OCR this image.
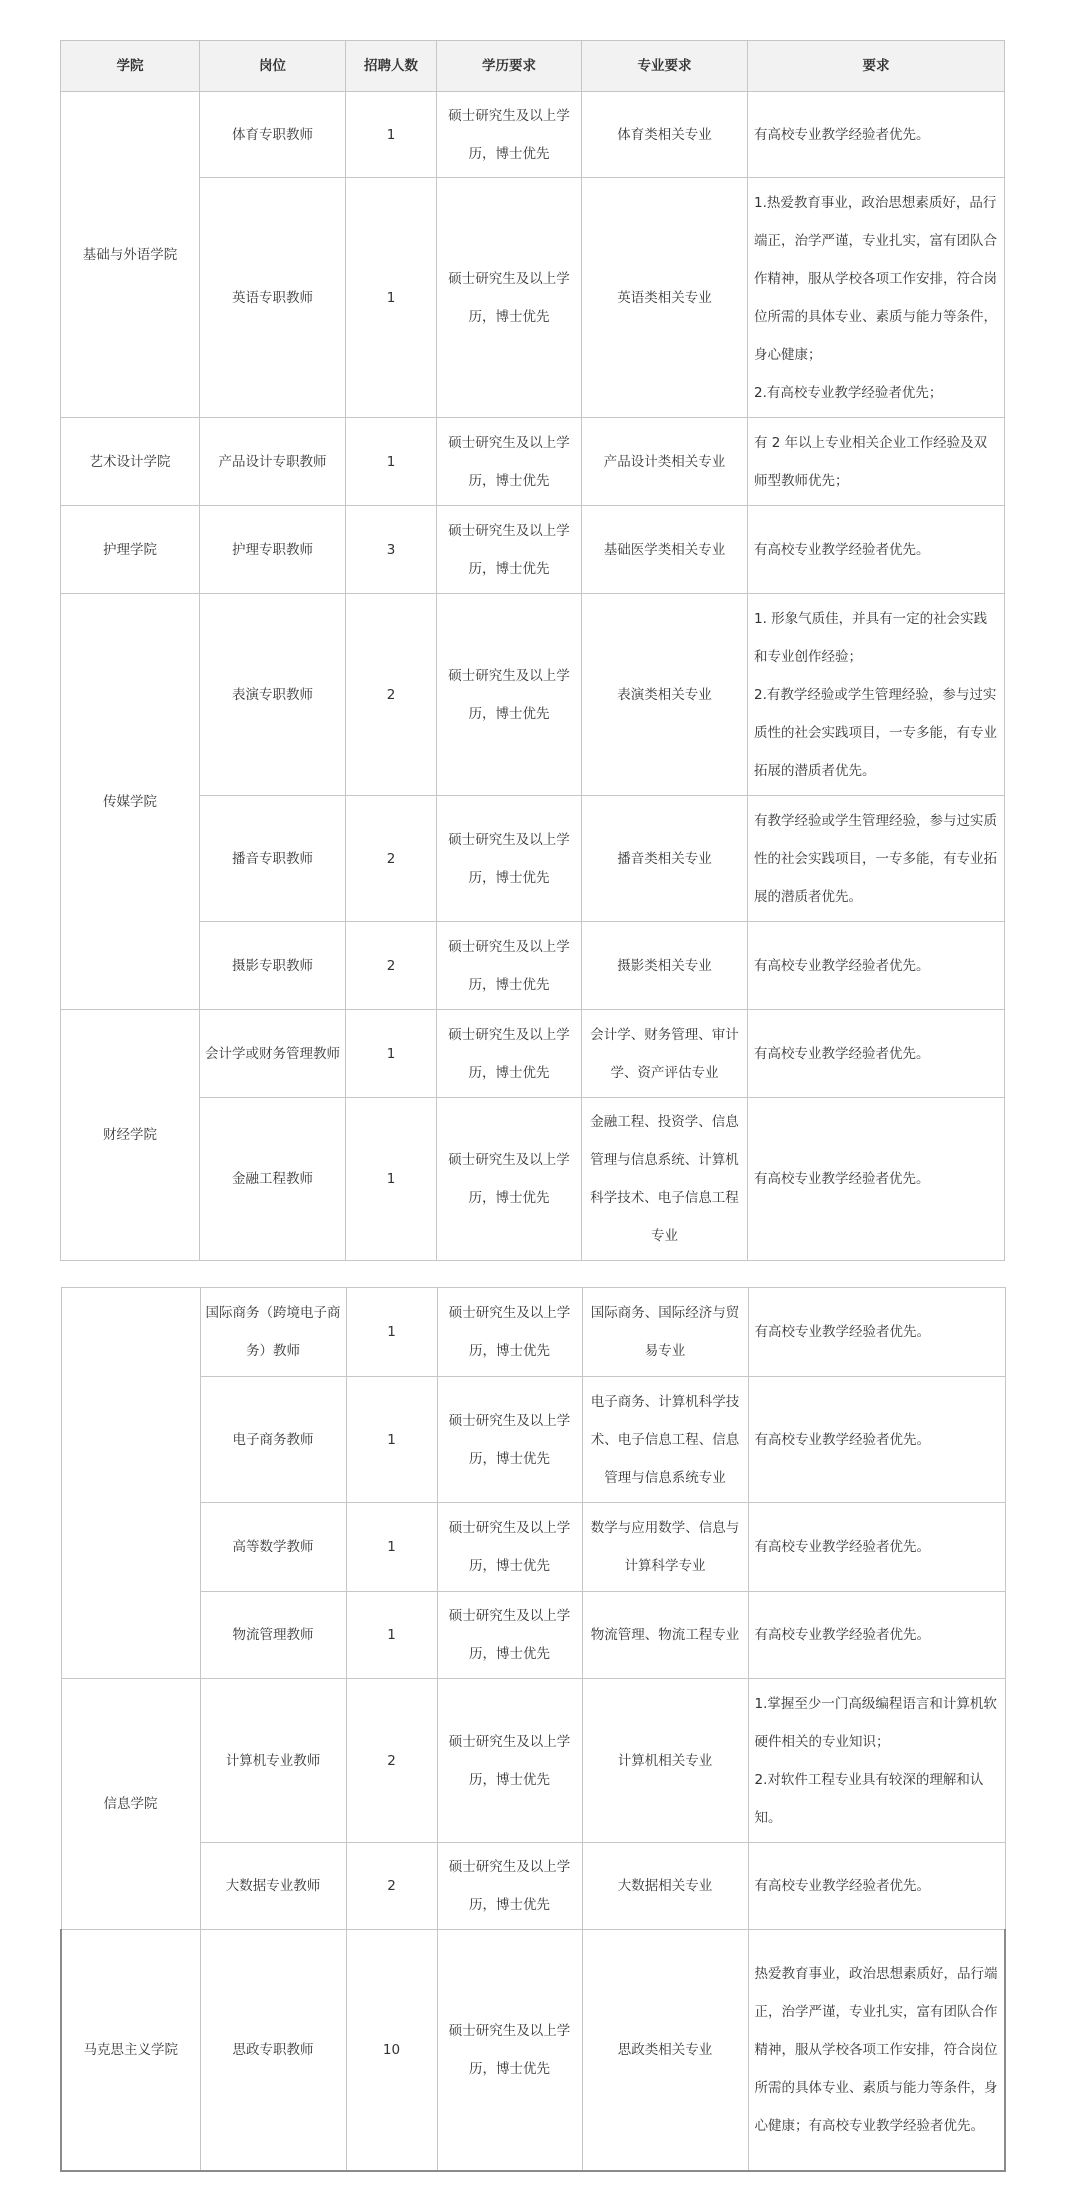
学院	岗位	招聘人数	学历要求	专业要求	要求
基础与外语学院	体育专职教师	1	硕士研究生及以上学历，博士优先	体育类相关专业	有高校专业教学经验者优先。
	英语专职教师	1	硕士研究生及以上学历，博士优先	英语类相关专业	1.热爱教育事业，政治思想素质好，品行端正，治学严谨，专业扎实，富有团队合作精神，服从学校各项工作安排，符合岗位所需的具体专业、素质与能力等条件，身心健康；
2.有高校专业教学经验者优先；
艺术设计学院	产品设计专职教师	1	硕士研究生及以上学历，博士优先	产品设计类相关专业	有 2 年以上专业相关企业工作经验及双师型教师优先；
护理学院	护理专职教师	3	硕士研究生及以上学历，博士优先	基础医学类相关专业	有高校专业教学经验者优先。
传媒学院	表演专职教师	2	硕士研究生及以上学历，博士优先	表演类相关专业	1. 形象气质佳，并具有一定的社会实践和专业创作经验；
2.有教学经验或学生管理经验，参与过实质性的社会实践项目，一专多能，有专业拓展的潜质者优先。
	播音专职教师	2	硕士研究生及以上学历，博士优先	播音类相关专业	有教学经验或学生管理经验，参与过实质性的社会实践项目，一专多能，有专业拓展的潜质者优先。
	摄影专职教师	2	硕士研究生及以上学历，博士优先	摄影类相关专业	有高校专业教学经验者优先。
财经学院	会计学或财务管理教师	1	硕士研究生及以上学历，博士优先	会计学、财务管理、审计学、资产评估专业	有高校专业教学经验者优先。
	金融工程教师	1	硕士研究生及以上学历，博士优先	金融工程、投资学、信息管理与信息系统、计算机科学技术、电子信息工程专业	有高校专业教学经验者优先。
	国际商务（跨境电子商务）教师	1	硕士研究生及以上学历，博士优先	国际商务、国际经济与贸易专业	有高校专业教学经验者优先。
	电子商务教师	1	硕士研究生及以上学历，博士优先	电子商务、计算机科学技术、电子信息工程、信息管理与信息系统专业	有高校专业教学经验者优先。
	高等数学教师	1	硕士研究生及以上学历，博士优先	数学与应用数学、信息与计算科学专业	有高校专业教学经验者优先。
	物流管理教师	1	硕士研究生及以上学历，博士优先	物流管理、物流工程专业	有高校专业教学经验者优先。
信息学院	计算机专业教师	2	硕士研究生及以上学历，博士优先	计算机相关专业	1.掌握至少一门高级编程语言和计算机软硬件相关的专业知识；
2.对软件工程专业具有较深的理解和认知。
	大数据专业教师	2	硕士研究生及以上学历，博士优先	大数据相关专业	有高校专业教学经验者优先。
马克思主义学院	思政专职教师	10	硕士研究生及以上学历，博士优先	思政类相关专业	热爱教育事业，政治思想素质好，品行端正，治学严谨，专业扎实，富有团队合作精神，服从学校各项工作安排，符合岗位所需的具体专业、素质与能力等条件，身心健康；有高校专业教学经验者优先。
